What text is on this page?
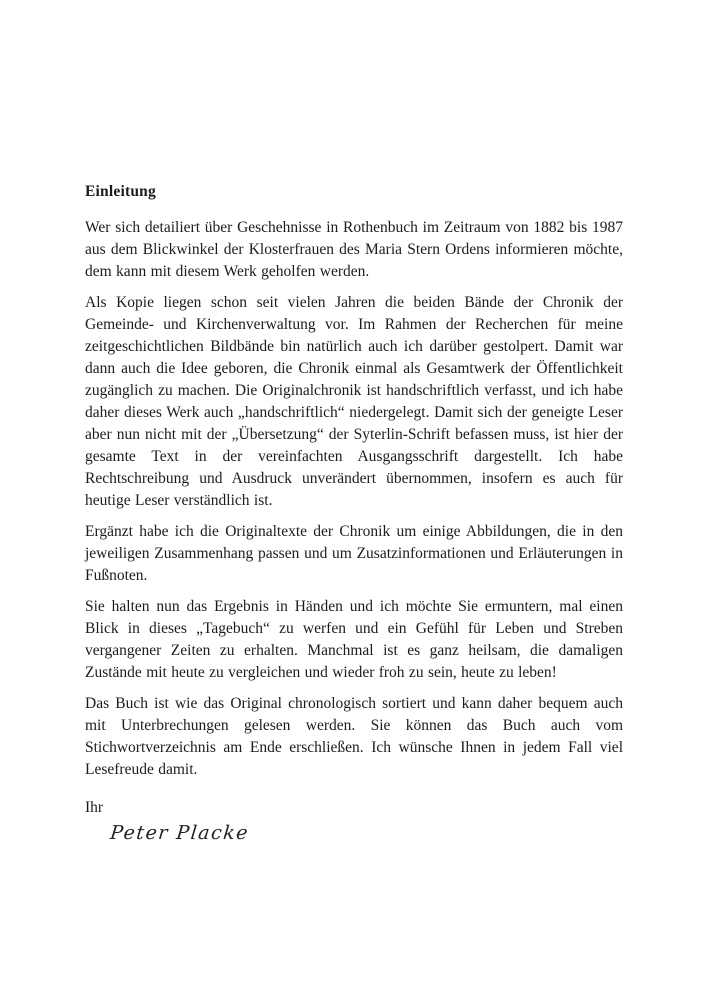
Einleitung

Wer sich detailiert über Geschehnisse in Rothenbuch im Zeitraum von 1882 bis 1987 aus dem Blickwinkel der Klosterfrauen des Maria Stern Ordens informieren möchte, dem kann mit diesem Werk geholfen werden.

Als Kopie liegen schon seit vielen Jahren die beiden Bände der Chronik der Gemeinde- und Kirchenverwaltung vor. Im Rahmen der Recherchen für meine zeitgeschichtlichen Bildbände bin natürlich auch ich darüber gestolpert. Damit war dann auch die Idee geboren, die Chronik einmal als Gesamtwerk der Öffentlichkeit zugänglich zu machen. Die Originalchronik ist handschriftlich verfasst, und ich habe daher dieses Werk auch „handschriftlich“ niedergelegt. Damit sich der geneigte Leser aber nun nicht mit der „Übersetzung“ der Syterlin-Schrift befassen muss, ist hier der gesamte Text in der vereinfachten Ausgangsschrift dargestellt. Ich habe Rechtschreibung und Ausdruck unverändert übernommen, insofern es auch für heutige Leser verständlich ist.

Ergänzt habe ich die Originaltexte der Chronik um einige Abbildungen, die in den jeweiligen Zusammenhang passen und um Zusatzinformationen und Erläuterungen in Fußnoten.

Sie halten nun das Ergebnis in Händen und ich möchte Sie ermuntern, mal einen Blick in dieses „Tagebuch“ zu werfen und ein Gefühl für Leben und Streben vergangener Zeiten zu erhalten. Manchmal ist es ganz heilsam, die damaligen Zustände mit heute zu vergleichen und wieder froh zu sein, heute zu leben!

Das Buch ist wie das Original chronologisch sortiert und kann daher bequem auch mit Unterbrechungen gelesen werden. Sie können das Buch auch vom Stichwortverzeichnis am Ende erschließen. Ich wünsche Ihnen in jedem Fall viel Lesefreude damit.

Ihr

Peter Placke
